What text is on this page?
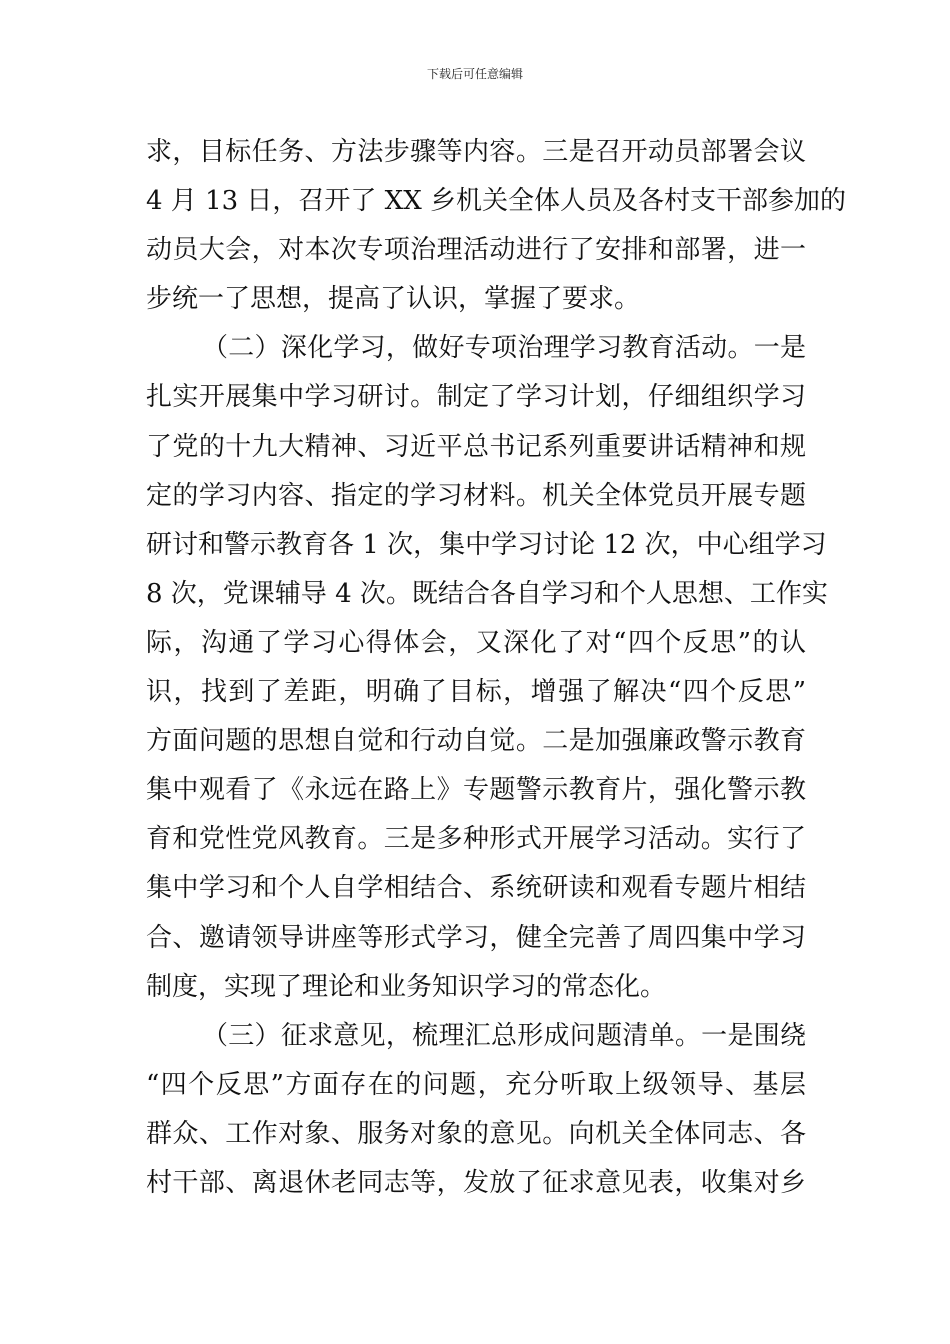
下载后可任意编辑
求，目标任务、方法步骤等内容。三是召开动员部署会议
4 月 13 日，召开了 XX 乡机关全体人员及各村支干部参加的
动员大会，对本次专项治理活动进行了安排和部署，进一
步统一了思想，提高了认识，掌握了要求。
（二）深化学习，做好专项治理学习教育活动。一是
扎实开展集中学习研讨。制定了学习计划，仔细组织学习
了党的十九大精神、习近平总书记系列重要讲话精神和规
定的学习内容、指定的学习材料。机关全体党员开展专题
研讨和警示教育各 1 次，集中学习讨论 12 次，中心组学习
8 次，党课辅导 4 次。既结合各自学习和个人思想、工作实
际，沟通了学习心得体会，又深化了对“四个反思”的认
识，找到了差距，明确了目标，增强了解决“四个反思”
方面问题的思想自觉和行动自觉。二是加强廉政警示教育
集中观看了《永远在路上》专题警示教育片，强化警示教
育和党性党风教育。三是多种形式开展学习活动。实行了
集中学习和个人自学相结合、系统研读和观看专题片相结
合、邀请领导讲座等形式学习，健全完善了周四集中学习
制度，实现了理论和业务知识学习的常态化。
（三）征求意见，梳理汇总形成问题清单。一是围绕
“四个反思”方面存在的问题，充分听取上级领导、基层
群众、工作对象、服务对象的意见。向机关全体同志、各
村干部、离退休老同志等，发放了征求意见表，收集对乡
